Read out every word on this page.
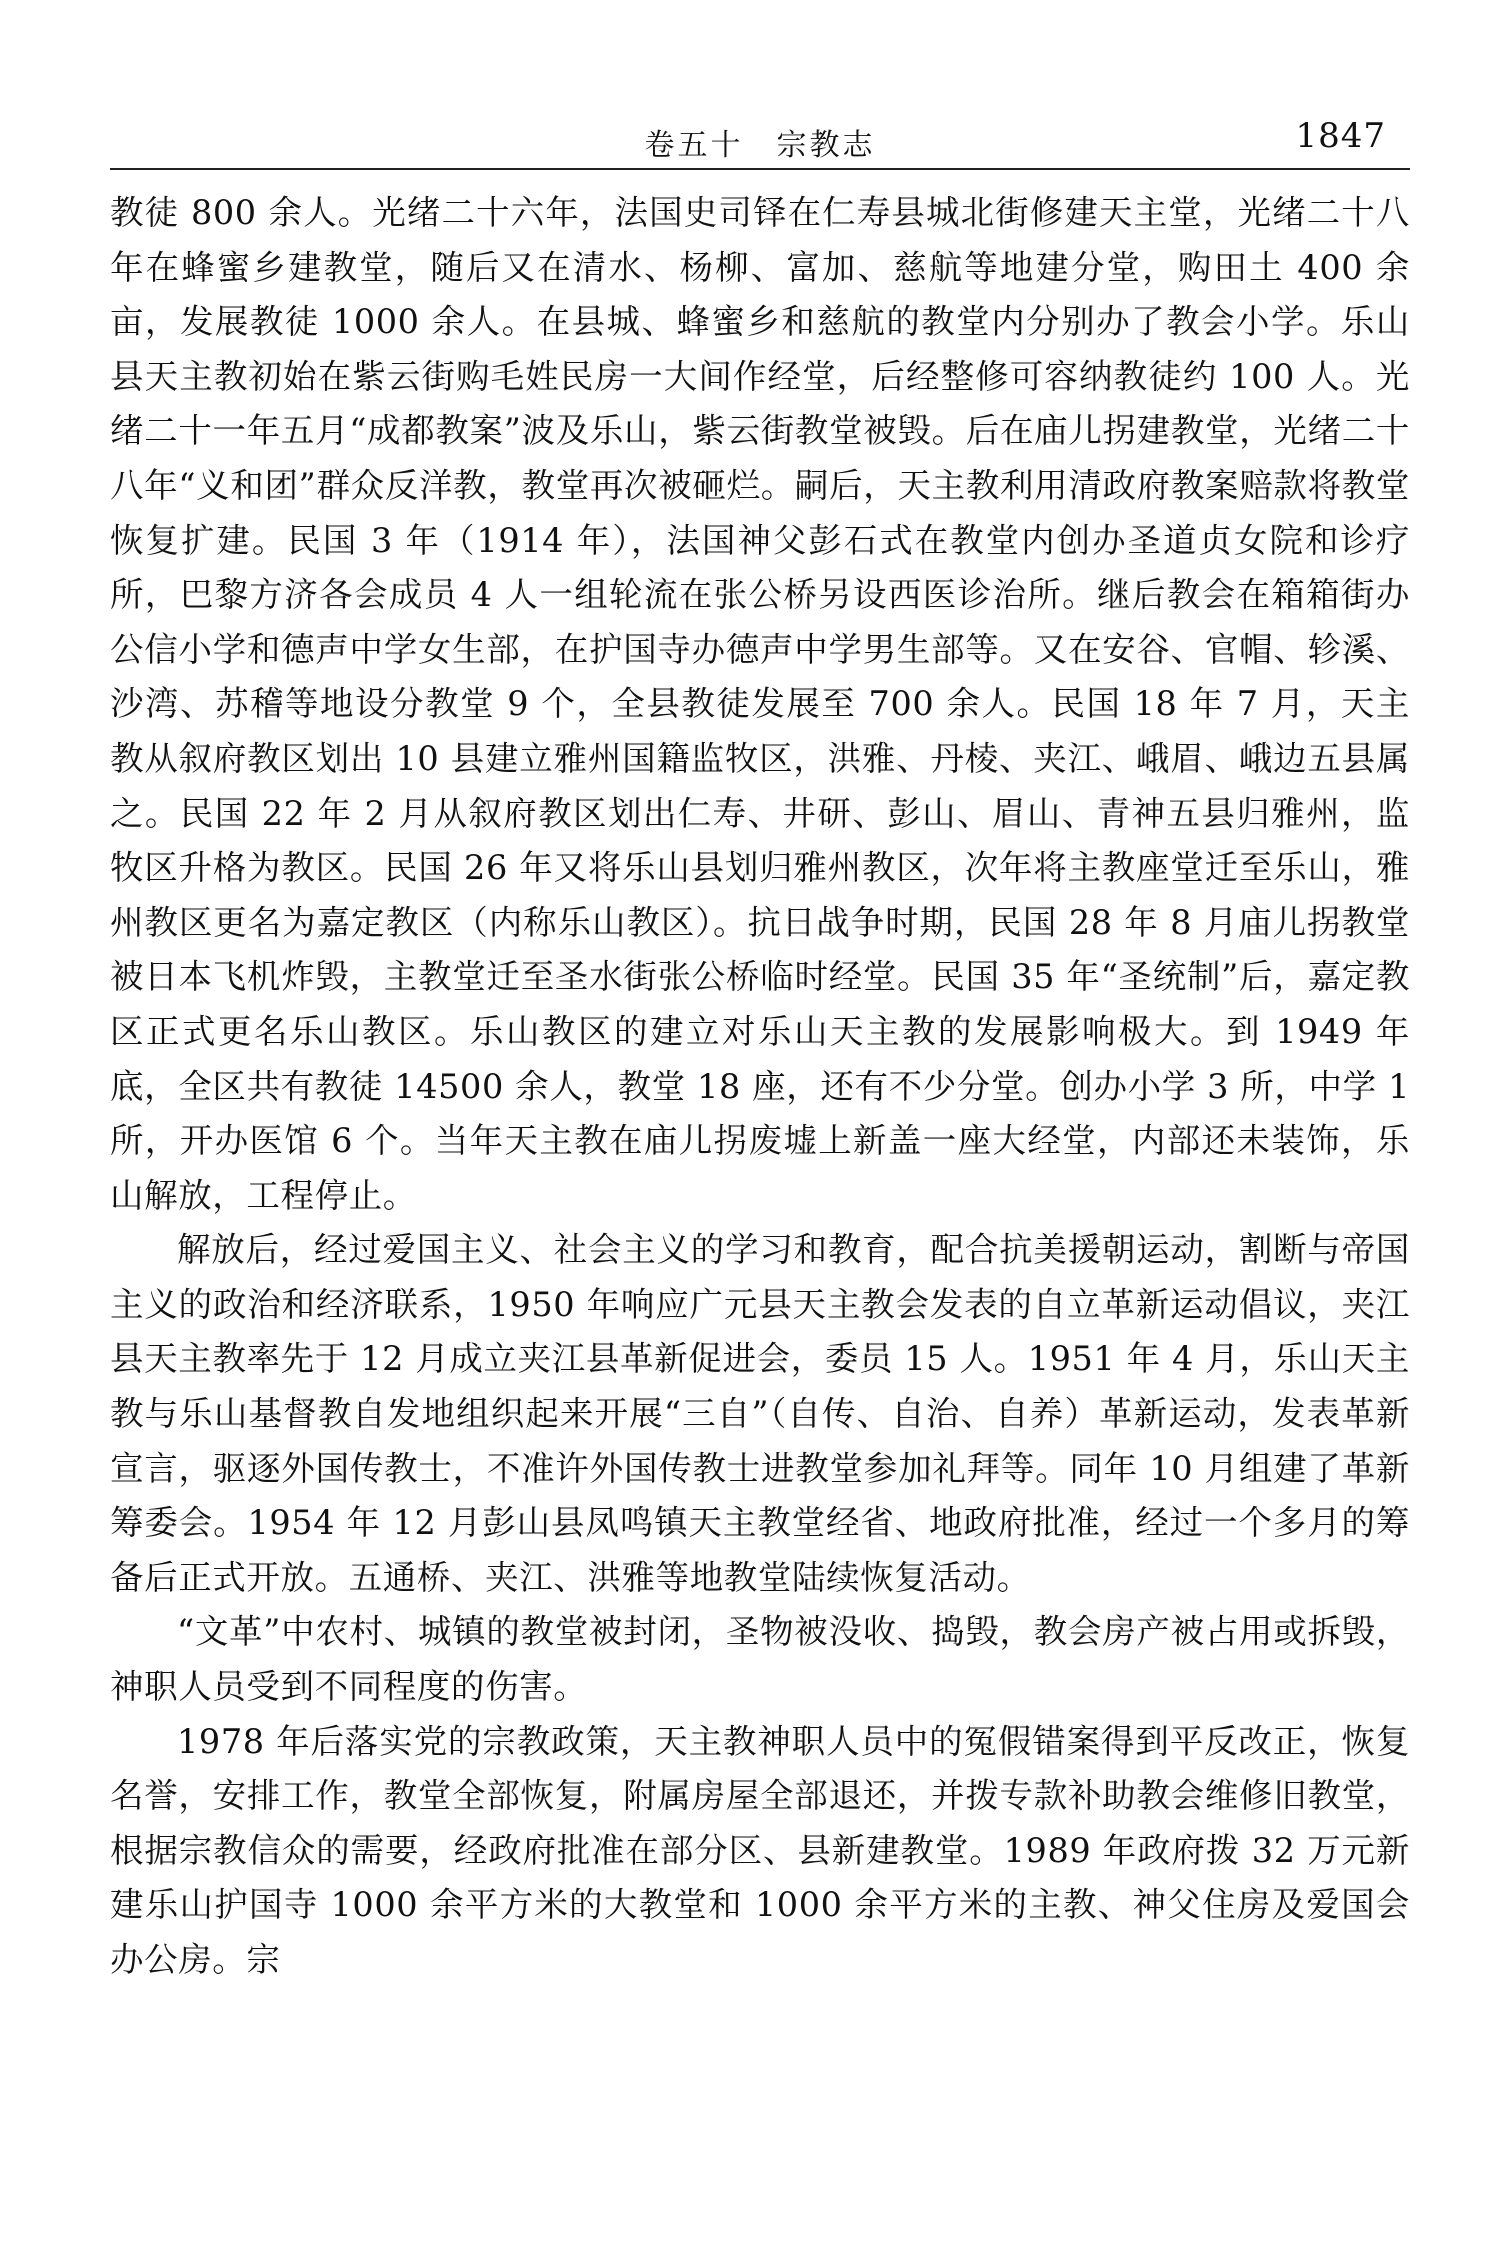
卷五十　宗教志	1847

教徒 800 余人。光绪二十六年，法国史司铎在仁寿县城北街修建天主堂，光绪二十八年在蜂蜜乡建教堂，随后又在清水、杨柳、富加、慈航等地建分堂，购田土 400 余亩，发展教徒 1000 余人。在县城、蜂蜜乡和慈航的教堂内分别办了教会小学。乐山县天主教初始在紫云街购毛姓民房一大间作经堂，后经整修可容纳教徒约 100 人。光绪二十一年五月“成都教案”波及乐山，紫云街教堂被毁。后在庙儿拐建教堂，光绪二十八年“义和团”群众反洋教，教堂再次被砸烂。嗣后，天主教利用清政府教案赔款将教堂恢复扩建。民国 3 年（1914 年），法国神父彭石式在教堂内创办圣道贞女院和诊疗所，巴黎方济各会成员 4 人一组轮流在张公桥另设西医诊治所。继后教会在箱箱街办公信小学和德声中学女生部，在护国寺办德声中学男生部等。又在安谷、官帽、轸溪、沙湾、苏稽等地设分教堂 9 个，全县教徒发展至 700 余人。民国 18 年 7 月，天主教从叙府教区划出 10 县建立雅州国籍监牧区，洪雅、丹棱、夹江、峨眉、峨边五县属之。民国 22 年 2 月从叙府教区划出仁寿、井研、彭山、眉山、青神五县归雅州，监牧区升格为教区。民国 26 年又将乐山县划归雅州教区，次年将主教座堂迁至乐山，雅州教区更名为嘉定教区（内称乐山教区）。抗日战争时期，民国 28 年 8 月庙儿拐教堂被日本飞机炸毁，主教堂迁至圣水街张公桥临时经堂。民国 35 年“圣统制”后，嘉定教区正式更名乐山教区。乐山教区的建立对乐山天主教的发展影响极大。到 1949 年底，全区共有教徒 14500 余人，教堂 18 座，还有不少分堂。创办小学 3 所，中学 1 所，开办医馆 6 个。当年天主教在庙儿拐废墟上新盖一座大经堂，内部还未装饰，乐山解放，工程停止。

解放后，经过爱国主义、社会主义的学习和教育，配合抗美援朝运动，割断与帝国主义的政治和经济联系，1950 年响应广元县天主教会发表的自立革新运动倡议，夹江县天主教率先于 12 月成立夹江县革新促进会，委员 15 人。1951 年 4 月，乐山天主教与乐山基督教自发地组织起来开展“三自”（自传、自治、自养）革新运动，发表革新宣言，驱逐外国传教士，不准许外国传教士进教堂参加礼拜等。同年 10 月组建了革新筹委会。1954 年 12 月彭山县凤鸣镇天主教堂经省、地政府批准，经过一个多月的筹备后正式开放。五通桥、夹江、洪雅等地教堂陆续恢复活动。

“文革”中农村、城镇的教堂被封闭，圣物被没收、捣毁，教会房产被占用或拆毁，神职人员受到不同程度的伤害。

1978 年后落实党的宗教政策，天主教神职人员中的冤假错案得到平反改正，恢复名誉，安排工作，教堂全部恢复，附属房屋全部退还，并拨专款补助教会维修旧教堂，根据宗教信众的需要，经政府批准在部分区、县新建教堂。1989 年政府拨 32 万元新建乐山护国寺 1000 余平方米的大教堂和 1000 余平方米的主教、神父住房及爱国会办公房。宗
